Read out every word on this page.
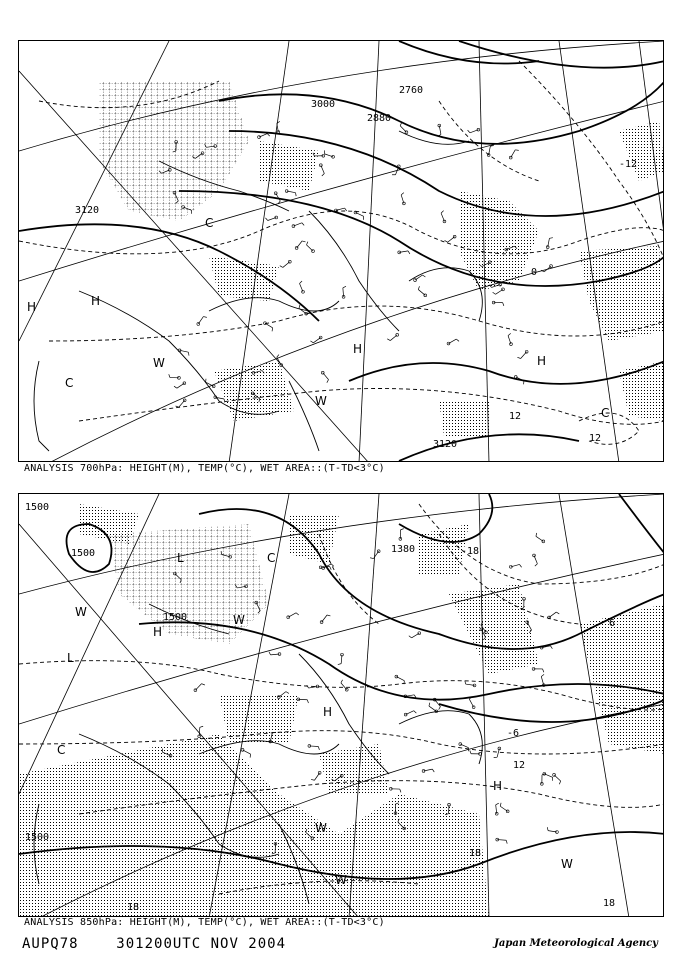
3000
2880
3120
2760
3120
0
12
12
-12
H
H
H
H
W
W
C
C
C
ANALYSIS 700hPa: HEIGHT(M), TEMP(°C), WET AREA::(T-TD<3°C)
1500
1500
1500
1380
1500
-6
12
18
18	18
6
-18
H
H
H
L
L
W
W
W
W
C
C
W
ANALYSIS 850hPa: HEIGHT(M), TEMP(°C), WET AREA::(T-TD<3°C)
AUPQ78	301200UTC NOV 2004	Japan Meteorological Agency
